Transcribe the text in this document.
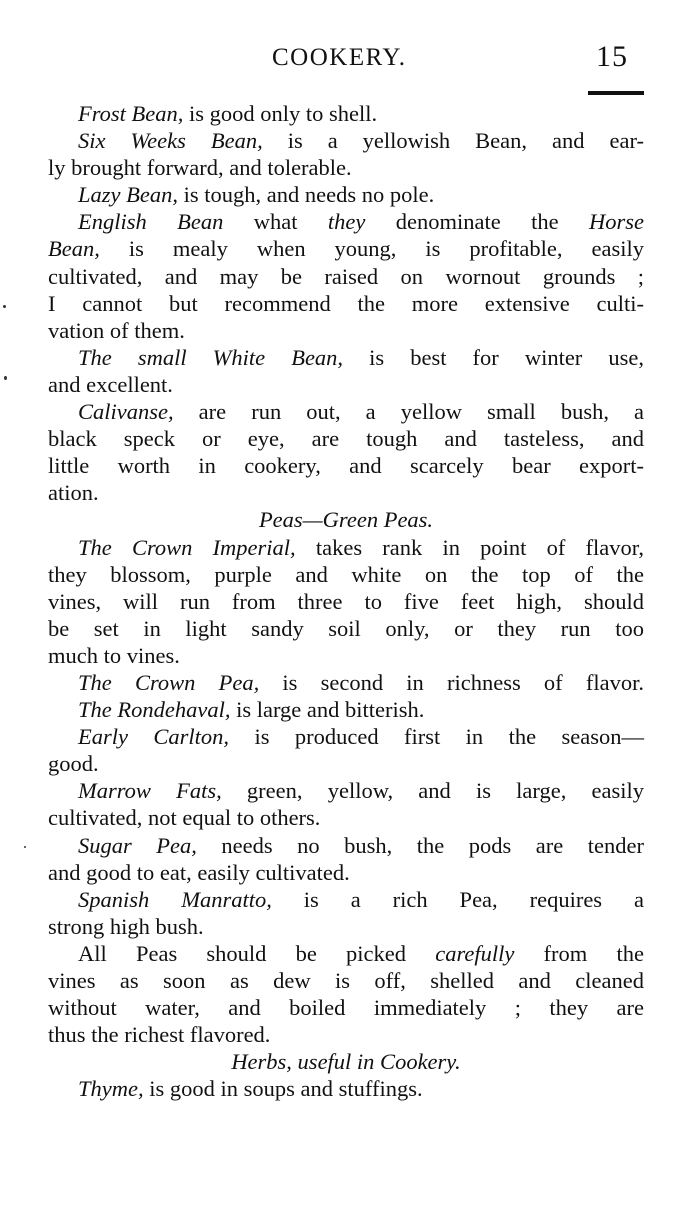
COOKERY.	15
Frost Bean, is good only to shell.
Six Weeks Bean, is a yellowish Bean, and ear-
ly brought forward, and tolerable.
Lazy Bean, is tough, and needs no pole.
English Bean what they denominate the Horse
Bean, is mealy when young, is profitable, easily
cultivated, and may be raised on wornout grounds ;
I cannot but recommend the more extensive culti-
vation of them.
The small White Bean, is best for winter use,
and excellent.
Calivanse, are run out, a yellow small bush, a
black speck or eye, are tough and tasteless, and
little worth in cookery, and scarcely bear export-
ation.
Peas—Green Peas.
The Crown Imperial, takes rank in point of flavor,
they blossom, purple and white on the top of the
vines, will run from three to five feet high, should
be set in light sandy soil only, or they run too
much to vines.
The Crown Pea, is second in richness of flavor.
The Rondehaval, is large and bitterish.
Early Carlton, is produced first in the season—
good.
Marrow Fats, green, yellow, and is large, easily
cultivated, not equal to others.
Sugar Pea, needs no bush, the pods are tender
and good to eat, easily cultivated.
Spanish Manratto, is a rich Pea, requires a
strong high bush.
All Peas should be picked carefully from the
vines as soon as dew is off, shelled and cleaned
without water, and boiled immediately ; they are
thus the richest flavored.
Herbs, useful in Cookery.
Thyme, is good in soups and stuffings.
